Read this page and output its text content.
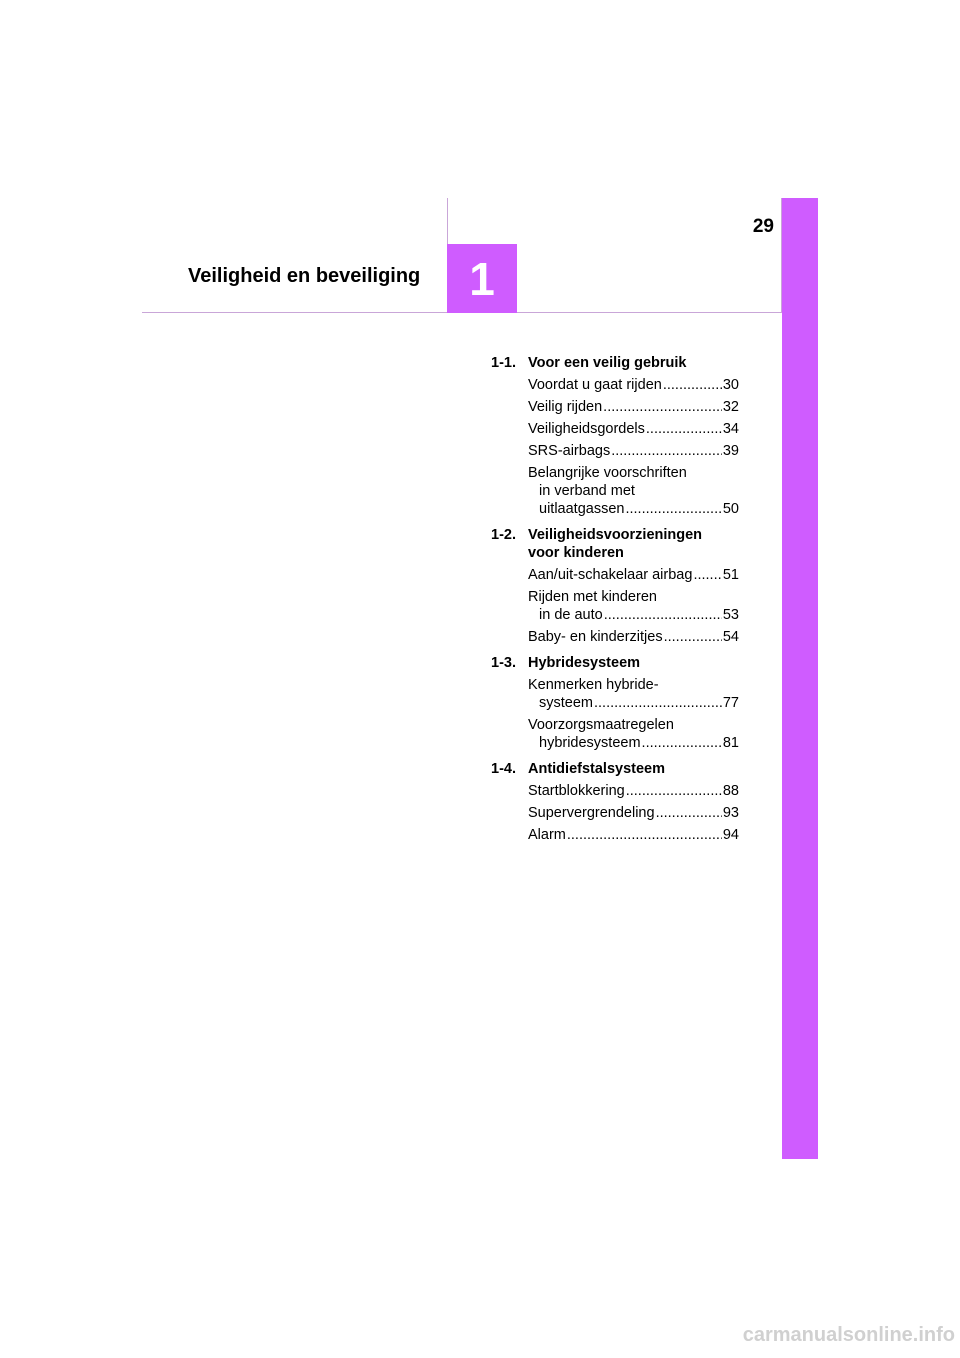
1
Veiligheid en beveiliging
29
1-1. Voor een veilig gebruik
Voordat u gaat rijden .....	30
Veilig rijden .....	32
Veiligheidsgordels .....	34
SRS-airbags .....	39
Belangrijke voorschriften
in verband met
uitlaatgassen .....	50
1-2. Veiligheidsvoorzieningen
voor kinderen
Aan/uit-schakelaar airbag ..... 51
Rijden met kinderen
in de auto .....	53
Baby- en kinderzitjes .....	54
1-3. Hybridesysteem
Kenmerken hybride-
systeem .....	77
Voorzorgsmaatregelen
hybridesysteem .....	81
1-4. Antidiefstalsysteem
Startblokkering .....	88
Supervergrendeling .....	93
Alarm .....	94
carmanualsonline.info
